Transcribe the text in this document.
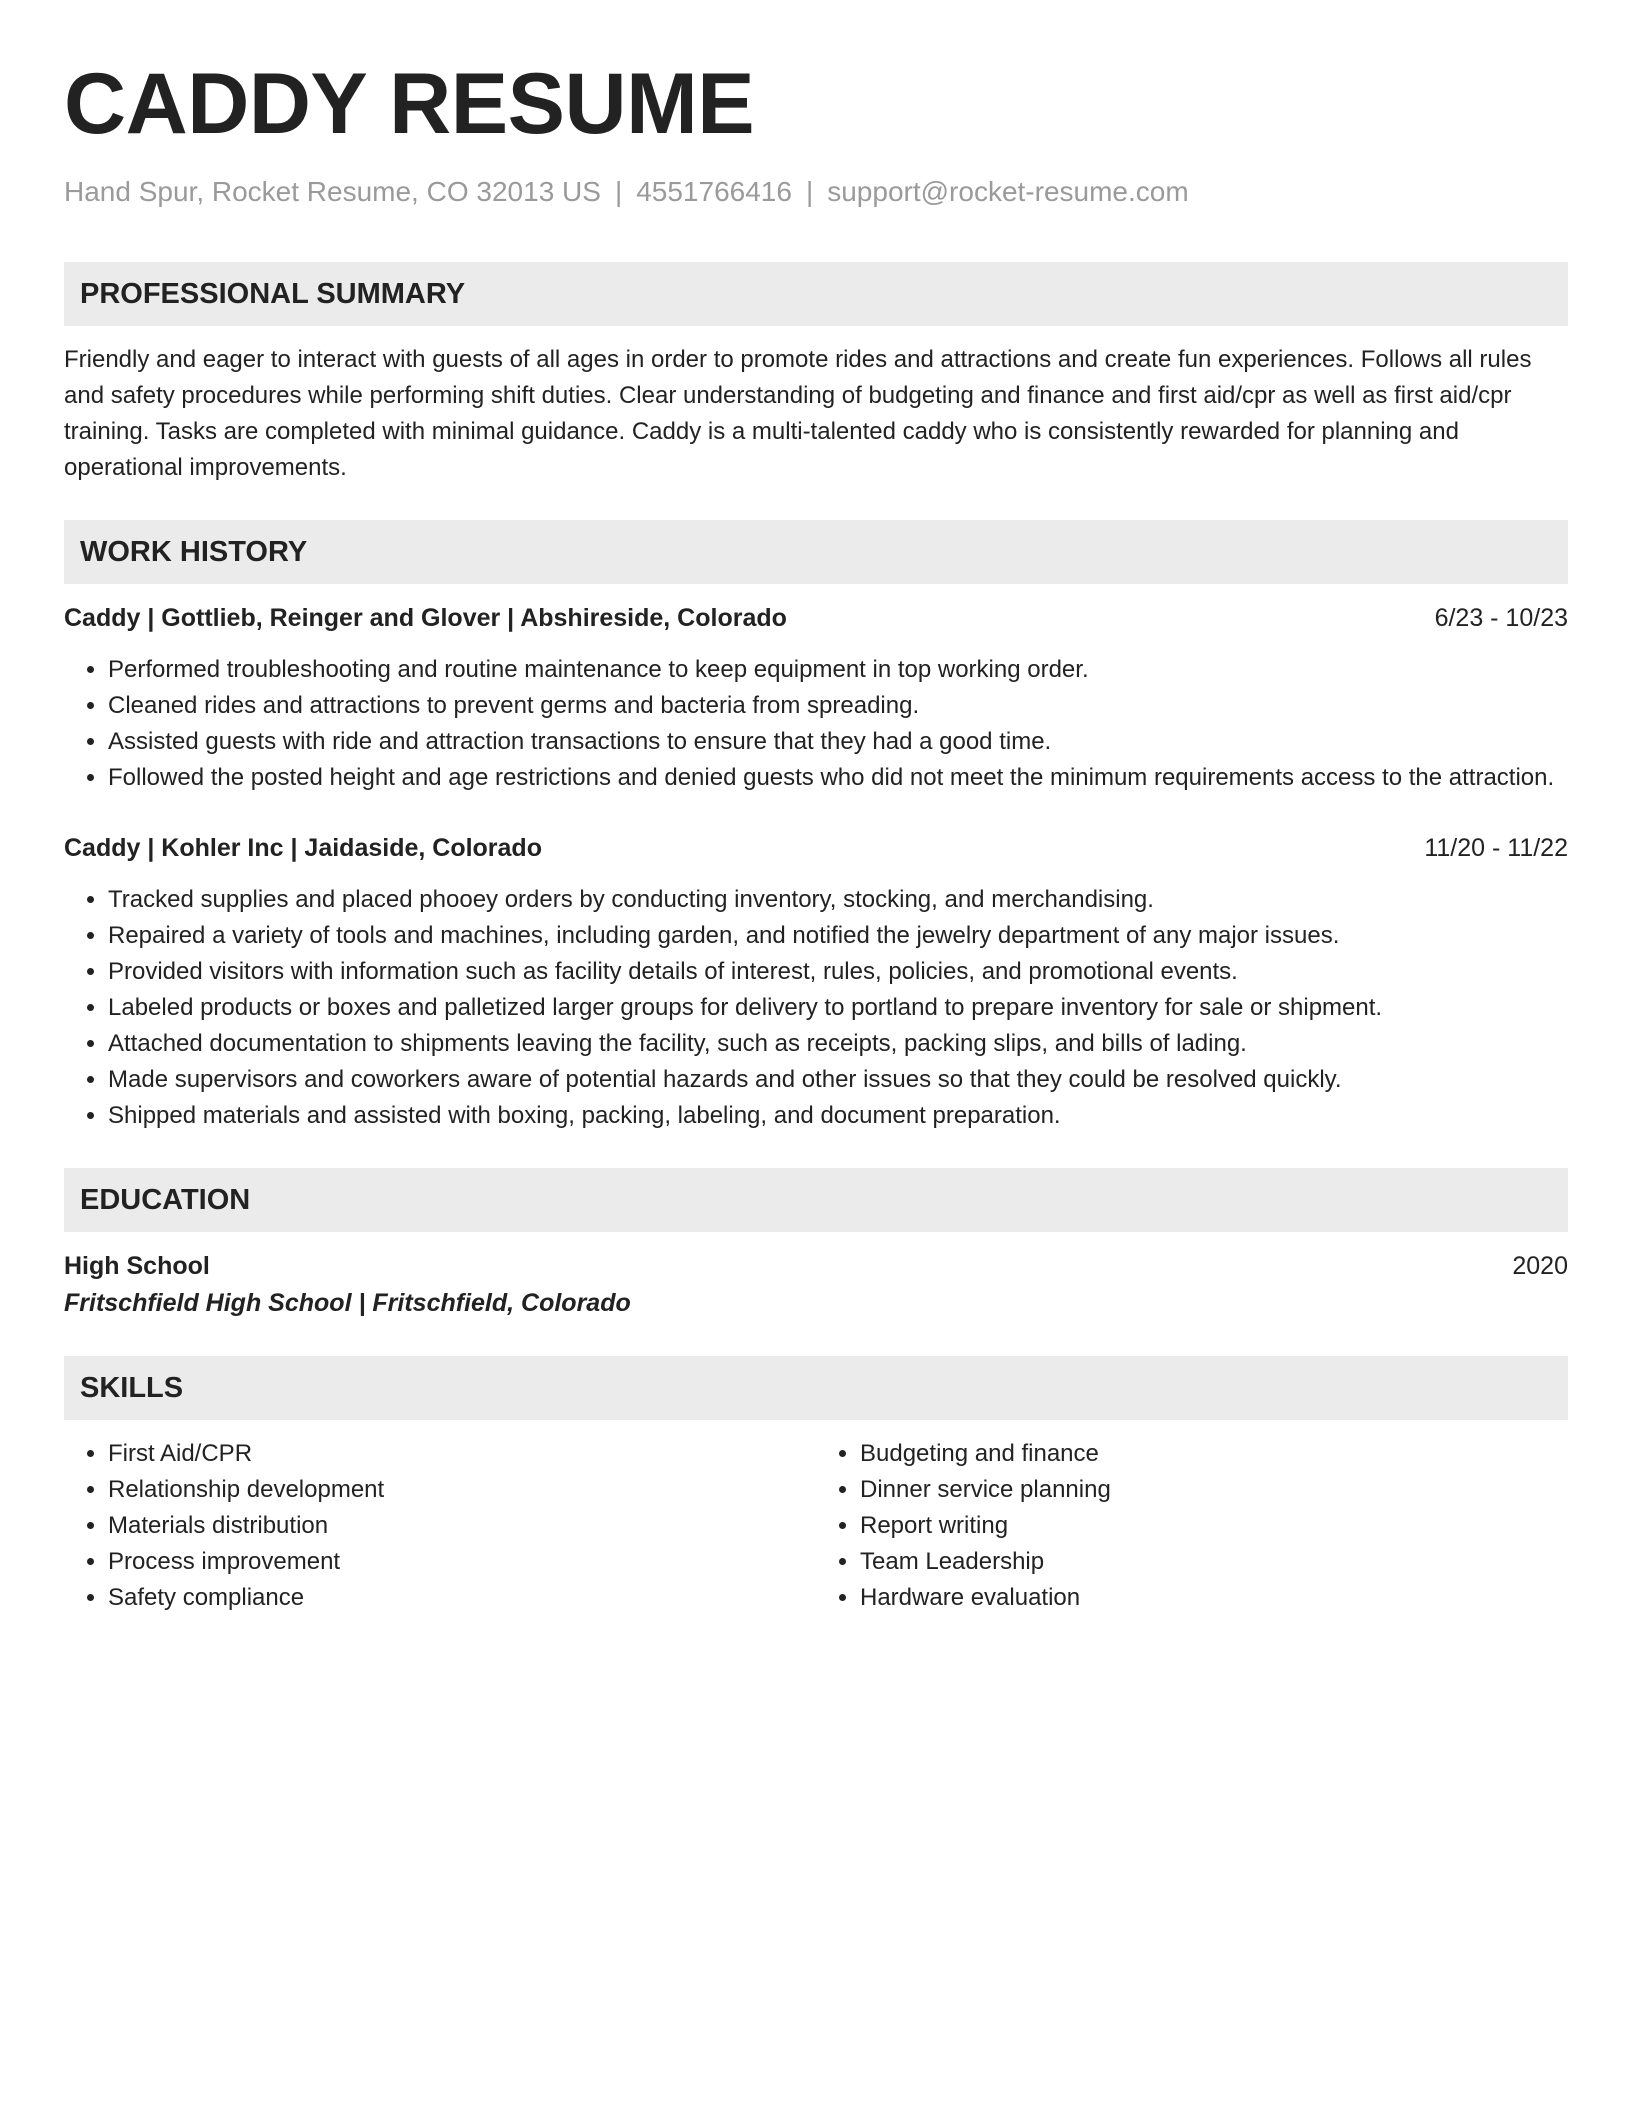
CADDY RESUME
Hand Spur, Rocket Resume, CO 32013 US | 4551766416 | support@rocket-resume.com
PROFESSIONAL SUMMARY
Friendly and eager to interact with guests of all ages in order to promote rides and attractions and create fun experiences. Follows all rules and safety procedures while performing shift duties. Clear understanding of budgeting and finance and first aid/cpr as well as first aid/cpr training. Tasks are completed with minimal guidance. Caddy is a multi-talented caddy who is consistently rewarded for planning and operational improvements.
WORK HISTORY
Caddy | Gottlieb, Reinger and Glover | Abshireside, Colorado	6/23 - 10/23
• Performed troubleshooting and routine maintenance to keep equipment in top working order.
• Cleaned rides and attractions to prevent germs and bacteria from spreading.
• Assisted guests with ride and attraction transactions to ensure that they had a good time.
• Followed the posted height and age restrictions and denied guests who did not meet the minimum requirements access to the attraction.
Caddy | Kohler Inc | Jaidaside, Colorado	11/20 - 11/22
• Tracked supplies and placed phooey orders by conducting inventory, stocking, and merchandising.
• Repaired a variety of tools and machines, including garden, and notified the jewelry department of any major issues.
• Provided visitors with information such as facility details of interest, rules, policies, and promotional events.
• Labeled products or boxes and palletized larger groups for delivery to portland to prepare inventory for sale or shipment.
• Attached documentation to shipments leaving the facility, such as receipts, packing slips, and bills of lading.
• Made supervisors and coworkers aware of potential hazards and other issues so that they could be resolved quickly.
• Shipped materials and assisted with boxing, packing, labeling, and document preparation.
EDUCATION
High School	2020
Fritschfield High School | Fritschfield, Colorado
SKILLS
• First Aid/CPR
• Relationship development
• Materials distribution
• Process improvement
• Safety compliance
• Budgeting and finance
• Dinner service planning
• Report writing
• Team Leadership
• Hardware evaluation
